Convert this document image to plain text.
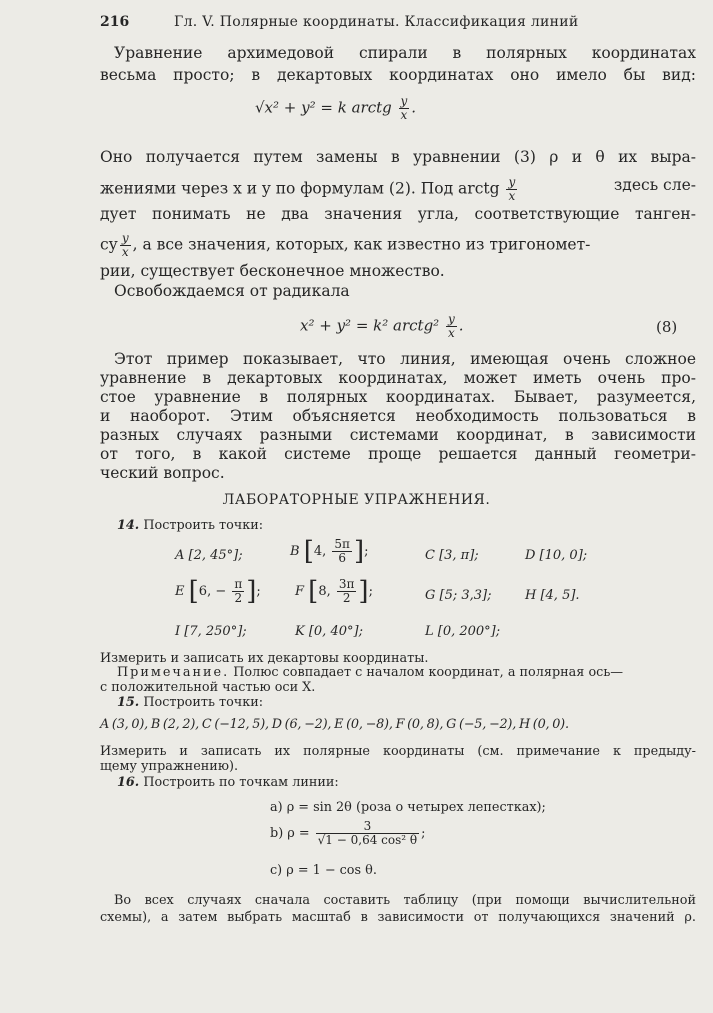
216	Гл. V. Полярные координаты. Классификация линий
Уравнение архимедовой спирали в полярных координатах
весьма просто; в декартовых координатах оно имело бы вид:
√x² + y² = k arctg $\frac{y}{x}$ .
Оно получается путем замены в уравнении (3) ρ и θ их выра-
жениями через x и y по формулам (2). Под arctg $\frac{y}{x}$	здесь сле-
дует понимать не два значения угла, соответствующие танген-
су $\frac{y}{x}$ , а все значения, которых, как известно из тригономет-
рии, существует бесконечное множество.
Освобождаемся от радикала
x² + y² = k² arctg² $\frac{y}{x}$ .	(8)
Этот пример показывает, что линия, имеющая очень сложное
уравнение в декартовых координатах, может иметь очень про-
стое уравнение в полярных координатах. Бывает, разумеется,
и наоборот. Этим объясняется необходимость пользоваться в
разных случаях разными системами координат, в зависимости
от того, в какой системе проще решается данный геометри-
ческий вопрос.
ЛАБОРАТОРНЫЕ УПРАЖНЕНИЯ.
14. Построить точки:
A [2, 45°];	B [4, $\frac{5\pi}{6}$ ];	C [3, π];	D [10, 0];
E [6, − $\frac{\pi}{2}$ ];	F [8, $\frac{3\pi}{2}$ ];	G [5; 3,3];	H [4, 5].
I [7, 250°];	K [0, 40°];	L [0, 200°];
Измерить и записать их декартовы координаты.
Примечание. Полюс совпадает с началом координат, а полярная ось—
с положительной частью оси X.
15. Построить точки:
A (3, 0), B (2, 2), C (−12, 5), D (6, −2), E (0, −8), F (0, 8), G (−5, −2), H (0, 0).
Измерить и записать их полярные координаты (см. примечание к предыду-
щему упражнению).
16. Построить по точкам линии:
a) ρ = sin 2θ (роза о четырех лепестках);
b) $\rho = \frac{3}{\text{√1 − 0,64 cos² θ}}$ ;
c) ρ = 1 − cos θ.
Во всех случаях сначала составить таблицу (при помощи вычислительной
схемы), а затем выбрать масштаб в зависимости от получающихся значений ρ.
